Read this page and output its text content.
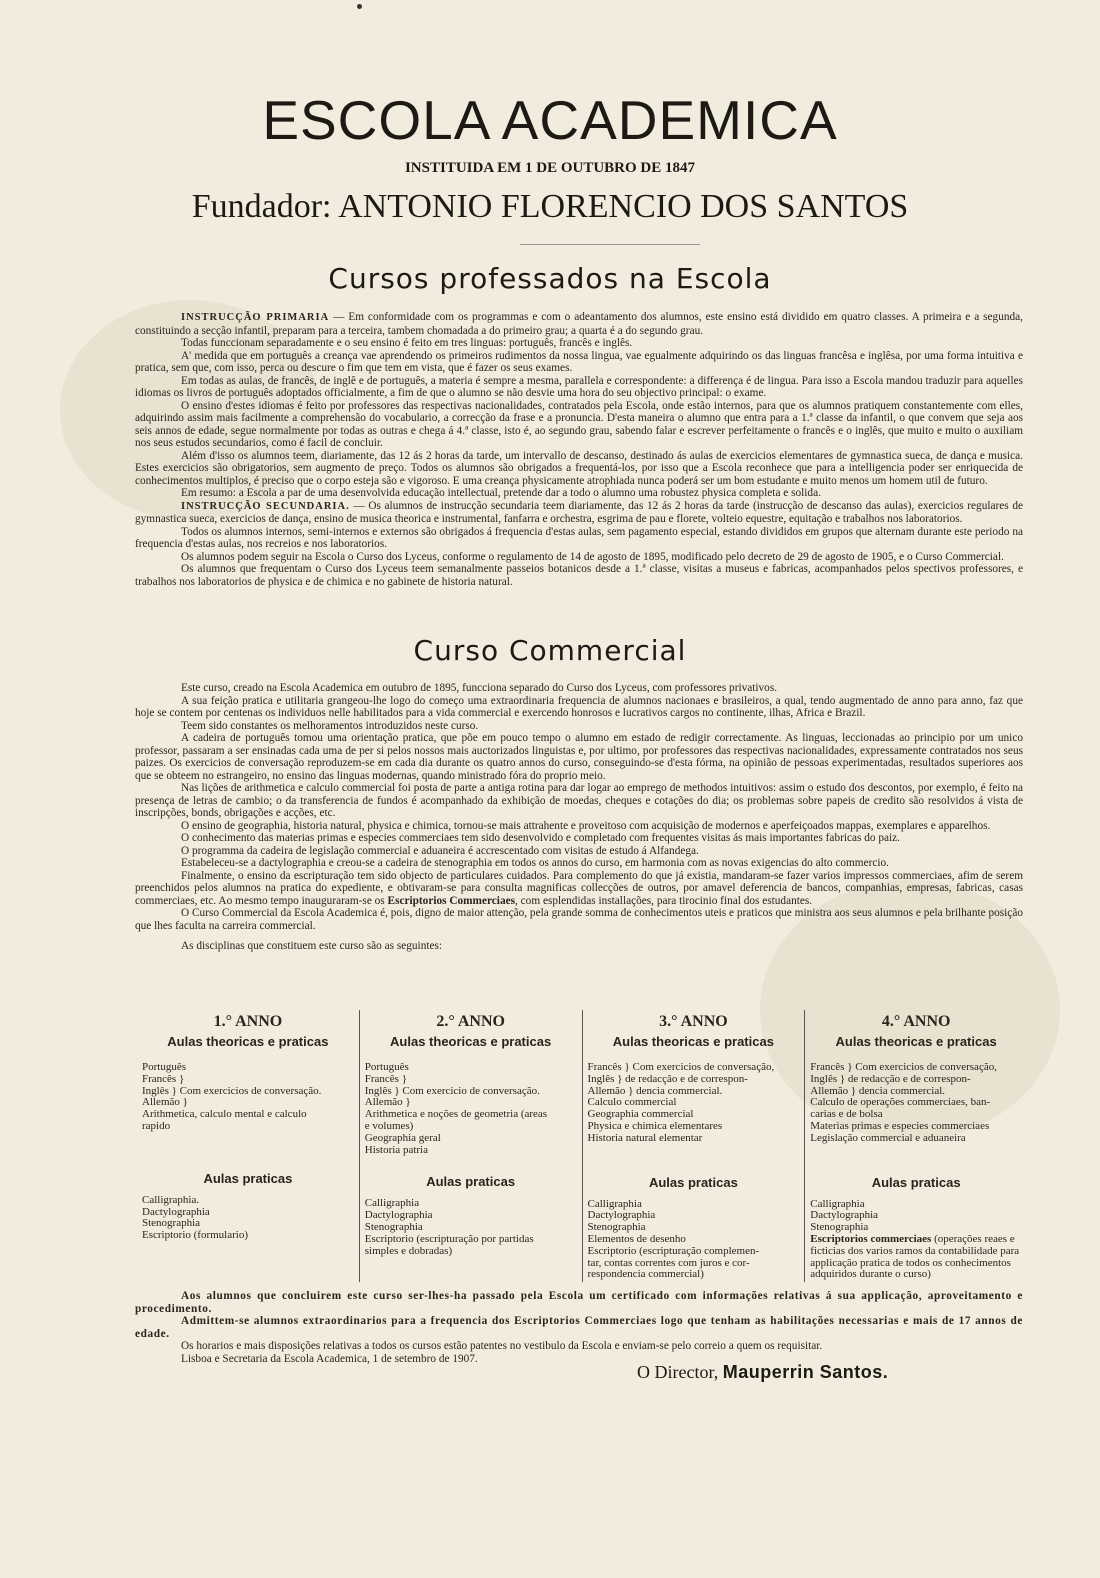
ESCOLA ACADEMICA
INSTITUIDA EM 1 DE OUTUBRO DE 1847
Fundador: ANTONIO FLORENCIO DOS SANTOS
Cursos professados na Escola

INSTRUCÇÃO PRIMARIA — Em conformidade com os programmas e com o adeantamento dos alumnos, este ensino está dividido em quatro classes. A primeira e a segunda, constituindo a secção infantil, preparam para a terceira, tambem chomadada a do primeiro grau; a quarta é a do segundo grau.

Todas funccionam separadamente e o seu ensino é feito em tres linguas: português, francês e inglês.

A' medida que em português a creança vae aprendendo os primeiros rudimentos da nossa lingua, vae egualmente adquirindo os das linguas francêsa e inglêsa, por uma forma intuitiva e pratica, sem que, com isso, perca ou descure o fim que tem em vista, que é fazer os seus exames.

Em todas as aulas, de francês, de inglê e de português, a materia é sempre a mesma, parallela e correspondente: a differença é de lingua. Para isso a Escola mandou traduzir para aquelles idiomas os livros de português adoptados officialmente, a fim de que o alumno se não desvie uma hora do seu objectivo principal: o exame.

O ensino d'estes idiomas é feito por professores das respectivas nacionalidades, contratados pela Escola, onde estão internos, para que os alumnos pratiquem constantemente com elles, adquirindo assim mais facilmente a comprehensão do vocabulario, a correcção da frase e a pronuncia. D'esta maneira o alumno que entra para a 1.ª classe da infantil, o que convem que seja aos seis annos de edade, segue normalmente por todas as outras e chega á 4.ª classe, isto é, ao segundo grau, sabendo falar e escrever perfeitamente o francês e o inglês, que muito e muito o auxiliam nos seus estudos secundarios, como é facil de concluir.

Além d'isso os alumnos teem, diariamente, das 12 ás 2 horas da tarde, um intervallo de descanso, destinado ás aulas de exercicios elementares de gymnastica sueca, de dança e musica. Estes exercicios são obrigatorios, sem augmento de preço. Todos os alumnos são obrigados a frequentá-los, por isso que a Escola reconhece que para a intelligencia poder ser enriquecida de conhecimentos multiplos, é preciso que o corpo esteja são e vigoroso. E uma creança physicamente atrophiada nunca poderá ser um bom estudante e muito menos um homem util de futuro.

Em resumo: a Escola a par de uma desenvolvida educação intellectual, pretende dar a todo o alumno uma robustez physica completa e solida.

INSTRUCÇÃO SECUNDARIA. — Os alumnos de instrucção secundaria teem diariamente, das 12 ás 2 horas da tarde (instrucção de descanso das aulas), exercicios regulares de gymnastica sueca, exercicios de dança, ensino de musica theorica e instrumental, fanfarra e orchestra, esgrima de pau e florete, volteio equestre, equitação e trabalhos nos laboratorios.

Todos os alumnos internos, semi-internos e externos são obrigados á frequencia d'estas aulas, sem pagamento especial, estando divididos em grupos que alternam durante este periodo na frequencia d'estas aulas, nos recreios e nos laboratorios.

Os alumnos podem seguir na Escola o Curso dos Lyceus, conforme o regulamento de 14 de agosto de 1895, modificado pelo decreto de 29 de agosto de 1905, e o Curso Commercial.

Os alumnos que frequentam o Curso dos Lyceus teem semanalmente passeios botanicos desde a 1.ª classe, visitas a museus e fabricas, acompanhados pelos spectivos professores, e trabalhos nos laboratorios de physica e de chimica e no gabinete de historia natural.

Curso Commercial

Este curso, creado na Escola Academica em outubro de 1895, funcciona separado do Curso dos Lyceus, com professores privativos.

A sua feição pratica e utilitaria grangeou-lhe logo do começo uma extraordinaria frequencia de alumnos nacionaes e brasileiros, a qual, tendo augmentado de anno para anno, faz que hoje se contem por centenas os individuos nelle habilitados para a vida commercial e exercendo honrosos e lucrativos cargos no continente, ilhas, Africa e Brazil.

Teem sido constantes os melhoramentos introduzidos neste curso.

A cadeira de português tomou uma orientação pratica, que põe em pouco tempo o alumno em estado de redigir correctamente. As linguas, leccionadas ao principio por um unico professor, passaram a ser ensinadas cada uma de per si pelos nossos mais auctorizados linguistas e, por ultimo, por professores das respectivas nacionalidades, expressamente contratados nos seus paizes. Os exercicios de conversação reproduzem-se em cada dia durante os quatro annos do curso, conseguindo-se d'esta fórma, na opinião de pessoas experimentadas, resultados superiores aos que se obteem no estrangeiro, no ensino das linguas modernas, quando ministrado fóra do proprio meio.

Nas lições de arithmetica e calculo commercial foi posta de parte a antiga rotina para dar logar ao emprego de methodos intuitivos: assim o estudo dos descontos, por exemplo, é feito na presença de letras de cambio; o da transferencia de fundos é acompanhado da exhibição de moedas, cheques e cotações do dia; os problemas sobre papeis de credito são resolvidos á vista de inscripções, bonds, obrigações e acções, etc.

O ensino de geographia, historia natural, physica e chimica, tornou-se mais attrahente e proveitoso com acquisição de modernos e aperfeiçoados mappas, exemplares e apparelhos.

O conhecimento das materias primas e especies commerciaes tem sido desenvolvido e completado com frequentes visitas ás mais importantes fabricas do paiz.

O programma da cadeira de legislação commercial e aduaneira é accrescentado com visitas de estudo á Alfandega.

Estabeleceu-se a dactylographia e creou-se a cadeira de stenographia em todos os annos do curso, em harmonia com as novas exigencias do alto commercio.

Finalmente, o ensino da escripturação tem sido objecto de particulares cuidados. Para complemento do que já existia, mandaram-se fazer varios impressos commerciaes, afim de serem preenchidos pelos alumnos na pratica do expediente, e obtivaram-se para consulta magnificas collecções de outros, por amavel deferencia de bancos, companhias, empresas, fabricas, casas commerciaes, etc. Ao mesmo tempo inauguraram-se os Escriptorios Commerciaes, com esplendidas installações, para tirocinio final dos estudantes.

O Curso Commercial da Escola Academica é, pois, digno de maior attenção, pela grande somma de conhecimentos uteis e praticos que ministra aos seus alumnos e pela brilhante posição que lhes faculta na carreira commercial.

As disciplinas que constituem este curso são as seguintes:

1.° ANNO
Aulas theoricas e praticas
Português
Francês }
Inglês } Com exercicios de conversação.
Allemão }
Arithmetica, calculo mental e calculo
rapido
Aulas praticas
Calligraphia.
Dactylographia
Stenographia
Escriptorio (formulario)
2.° ANNO
Aulas theoricas e praticas
Português
Francês }
Inglês } Com exercicio de conversação.
Allemão }
Arithmetica e noções de geometria (areas
e volumes)
Geographia geral
Historia patria
Aulas praticas
Calligraphia
Dactylographia
Stenographia
Escriptorio (escripturação por partidas
simples e dobradas)
3.° ANNO
Aulas theoricas e praticas
Francês } Com exercicios de conversação,
Inglês } de redacção e de correspon-
Allemão } dencia commercial.
Calculo commercial
Geographia commercial
Physica e chimica elementares
Historia natural elementar
Aulas praticas
Calligraphia
Dactylographia
Stenographia
Elementos de desenho
Escriptorio (escripturação complemen-
tar, contas correntes com juros e cor-
respondencia commercial)
4.° ANNO
Aulas theoricas e praticas
Francês } Com exercicios de conversação,
Inglês } de redacção e de correspon-
Allemão } dencia commercial.
Calculo de operações commerciaes, ban-
carias e de bolsa
Materias primas e especies commerciaes
Legislação commercial e aduaneira
Aulas praticas
Calligraphia
Dactylographia
Stenographia
Escriptorios commerciaes (operações reaes e ficticias dos varios ramos da contabilidade para applicação pratica de todos os conhecimentos adquiridos durante o curso)

Aos alumnos que concluirem este curso ser-lhes-ha passado pela Escola um certificado com informações relativas á sua applicação, aproveitamento e procedimento.

Admittem-se alumnos extraordinarios para a frequencia dos Escriptorios Commerciaes logo que tenham as habilitações necessarias e mais de 17 annos de edade.

Os horarios e mais disposições relativas a todos os cursos estão patentes no vestibulo da Escola e enviam-se pelo correio a quem os requisitar.

Lisboa e Secretaria da Escola Academica, 1 de setembro de 1907.

O Director, Mauperrin Santos.
